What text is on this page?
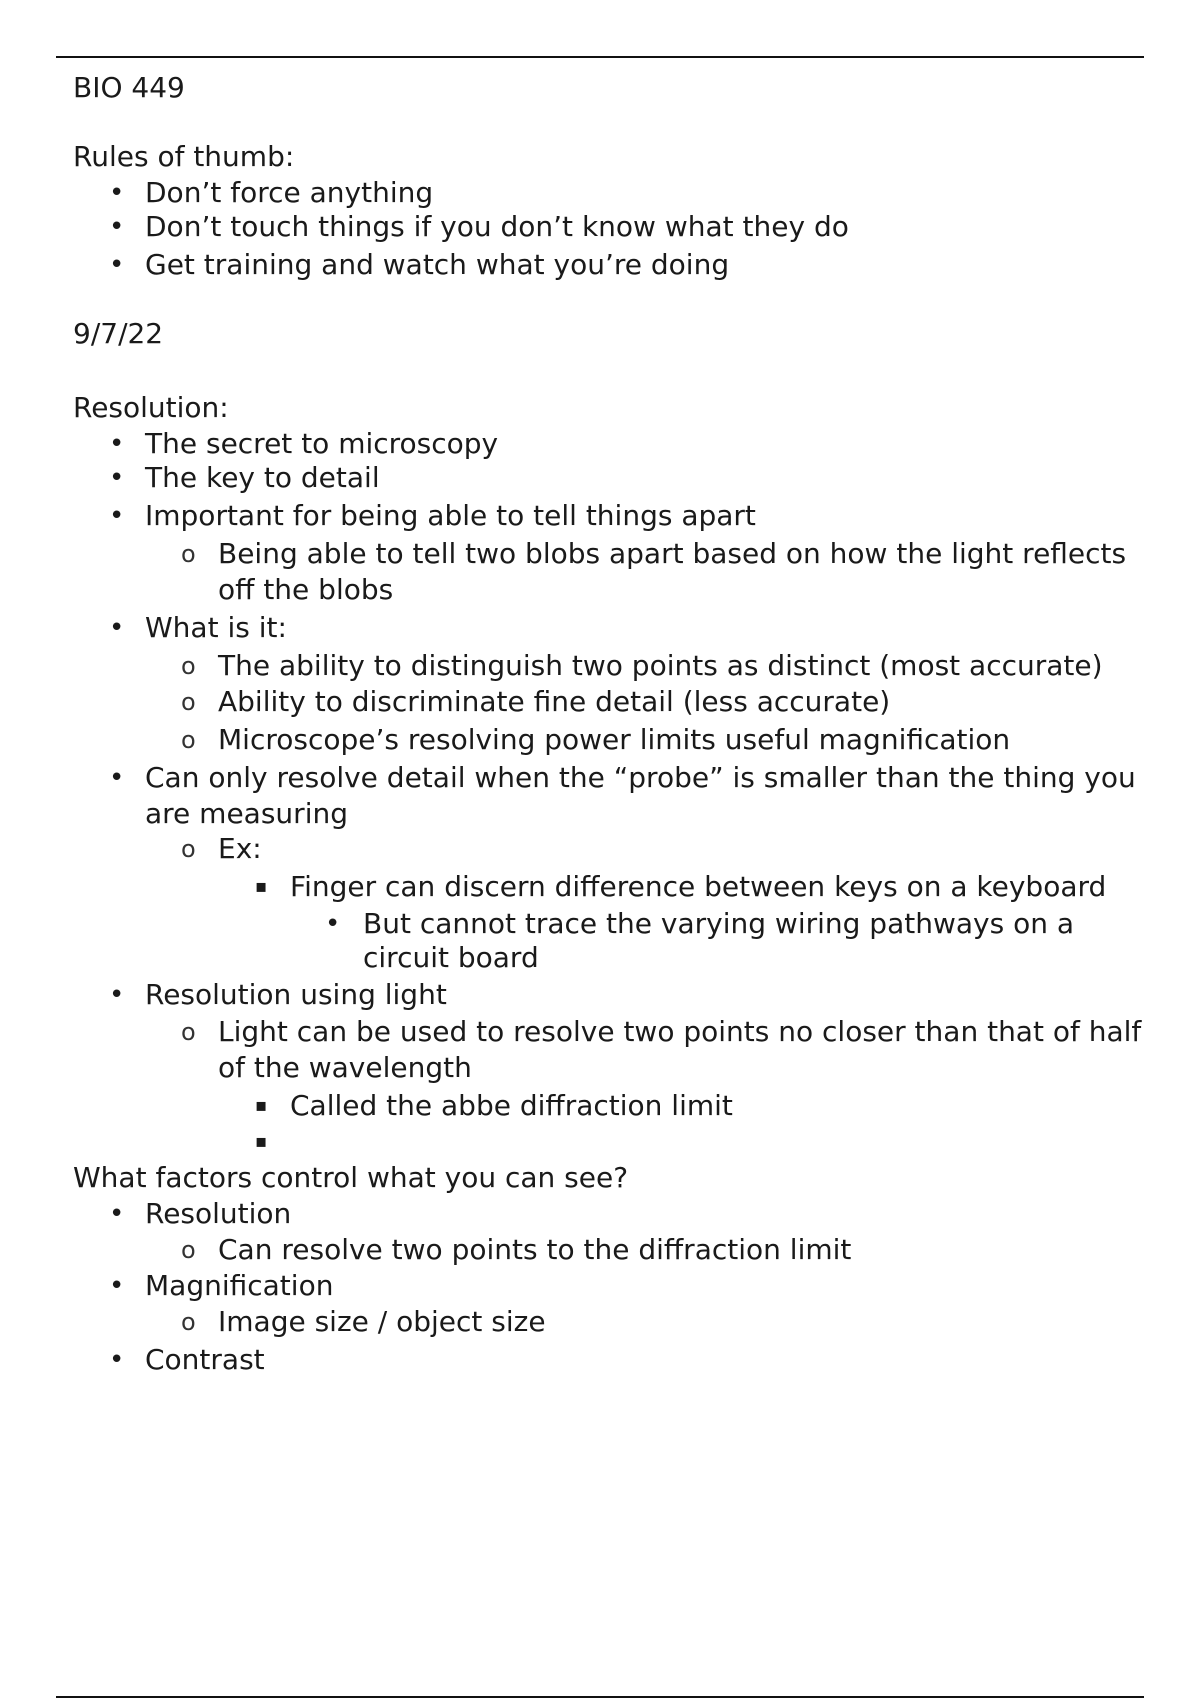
BIO 449
Rules of thumb:
• Don’t force anything
• Don’t touch things if you don’t know what they do
• Get training and watch what you’re doing
9/7/22
Resolution:
• The secret to microscopy
• The key to detail
• Important for being able to tell things apart
o Being able to tell two blobs apart based on how the light reflects
off the blobs
• What is it:
o The ability to distinguish two points as distinct (most accurate)
o Ability to discriminate fine detail (less accurate)
o Microscope’s resolving power limits useful magnification
• Can only resolve detail when the “probe” is smaller than the thing you
are measuring
o Ex:
▪ Finger can discern difference between keys on a keyboard
• But cannot trace the varying wiring pathways on a
circuit board
• Resolution using light
o Light can be used to resolve two points no closer than that of half
of the wavelength
▪ Called the abbe diffraction limit
▪
What factors control what you can see?
• Resolution
o Can resolve two points to the diffraction limit
• Magnification
o Image size / object size
• Contrast
